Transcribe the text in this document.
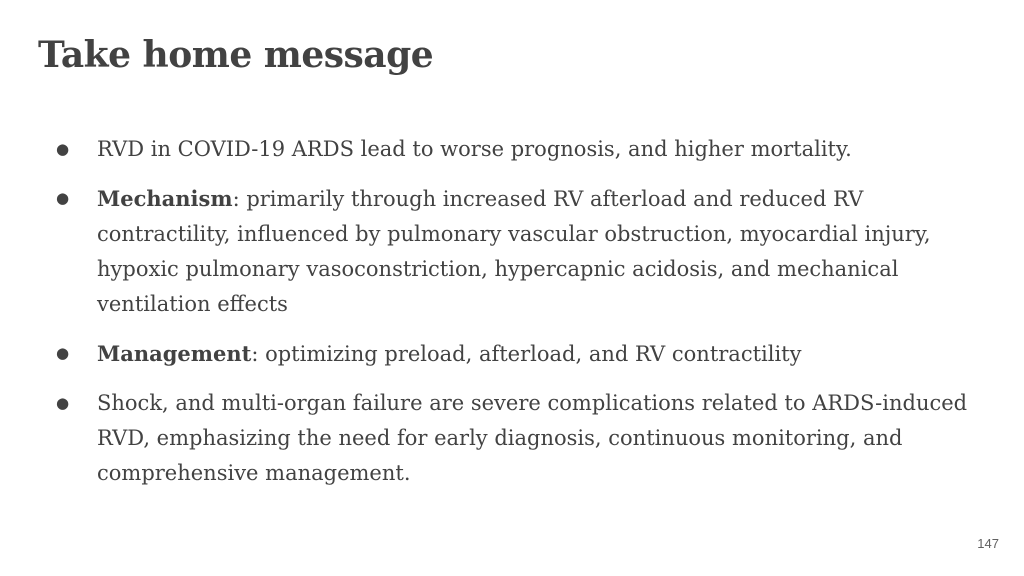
Take home message
● RVD in COVID-19 ARDS lead to worse prognosis, and higher mortality.
● Mechanism: primarily through increased RV afterload and reduced RV contractility, influenced by pulmonary vascular obstruction, myocardial injury, hypoxic pulmonary vasoconstriction, hypercapnic acidosis, and mechanical ventilation effects
● Management: optimizing preload, afterload, and RV contractility
● Shock, and multi-organ failure are severe complications related to ARDS-induced RVD, emphasizing the need for early diagnosis, continuous monitoring, and comprehensive management.
147
